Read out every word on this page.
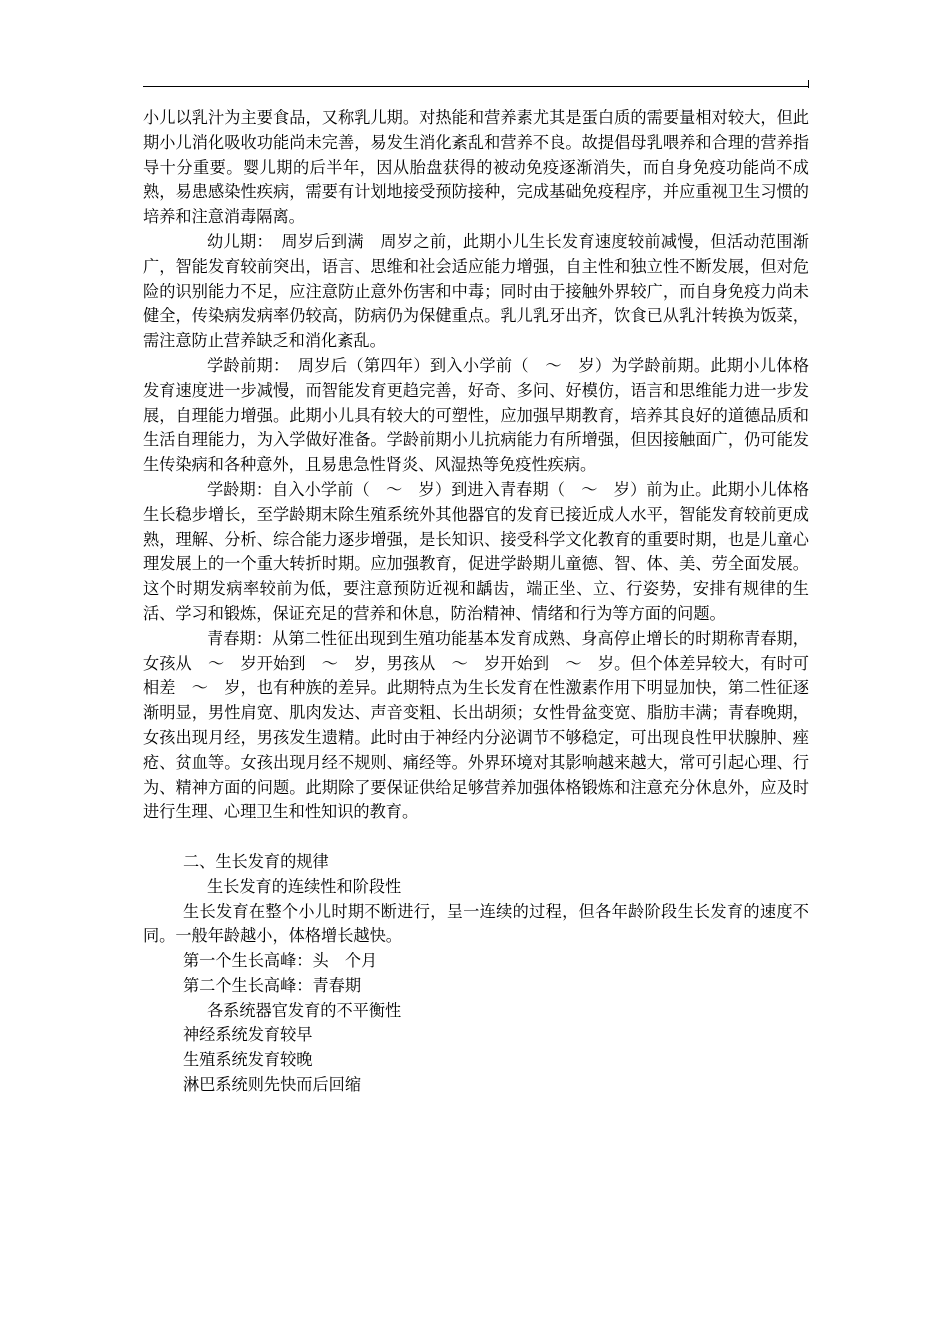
小儿以乳汁为主要食品，又称乳儿期。对热能和营养素尤其是蛋白质的需要量相对较大，但此期小儿消化吸收功能尚未完善，易发生消化紊乱和营养不良。故提倡母乳喂养和合理的营养指导十分重要。婴儿期的后半年，因从胎盘获得的被动免疫逐渐消失，而自身免疫功能尚不成熟，易患感染性疾病，需要有计划地接受预防接种，完成基础免疫程序，并应重视卫生习惯的培养和注意消毒隔离。

幼儿期：　周岁后到满　周岁之前，此期小儿生长发育速度较前减慢，但活动范围渐广，智能发育较前突出，语言、思维和社会适应能力增强，自主性和独立性不断发展，但对危险的识别能力不足，应注意防止意外伤害和中毒；同时由于接触外界较广，而自身免疫力尚未健全，传染病发病率仍较高，防病仍为保健重点。乳儿乳牙出齐，饮食已从乳汁转换为饭菜，需注意防止营养缺乏和消化紊乱。

学龄前期：　周岁后（第四年）到入小学前（　～　岁）为学龄前期。此期小儿体格发育速度进一步减慢，而智能发育更趋完善，好奇、多问、好模仿，语言和思维能力进一步发展，自理能力增强。此期小儿具有较大的可塑性，应加强早期教育，培养其良好的道德品质和生活自理能力，为入学做好准备。学龄前期小儿抗病能力有所增强，但因接触面广，仍可能发生传染病和各种意外，且易患急性肾炎、风湿热等免疫性疾病。

学龄期：自入小学前（　～　岁）到进入青春期（　～　岁）前为止。此期小儿体格生长稳步增长，至学龄期末除生殖系统外其他器官的发育已接近成人水平，智能发育较前更成熟，理解、分析、综合能力逐步增强，是长知识、接受科学文化教育的重要时期，也是儿童心理发展上的一个重大转折时期。应加强教育，促进学龄期儿童德、智、体、美、劳全面发展。这个时期发病率较前为低，要注意预防近视和龋齿，端正坐、立、行姿势，安排有规律的生活、学习和锻炼，保证充足的营养和休息，防治精神、情绪和行为等方面的问题。

青春期：从第二性征出现到生殖功能基本发育成熟、身高停止增长的时期称青春期，女孩从　～　岁开始到　～　岁，男孩从　～　岁开始到　～　岁。但个体差异较大，有时可相差　～　岁，也有种族的差异。此期特点为生长发育在性激素作用下明显加快，第二性征逐渐明显，男性肩宽、肌肉发达、声音变粗、长出胡须；女性骨盆变宽、脂肪丰满；青春晚期，女孩出现月经，男孩发生遗精。此时由于神经内分泌调节不够稳定，可出现良性甲状腺肿、痤疮、贫血等。女孩出现月经不规则、痛经等。外界环境对其影响越来越大，常可引起心理、行为、精神方面的问题。此期除了要保证供给足够营养加强体格锻炼和注意充分休息外，应及时进行生理、心理卫生和性知识的教育。

二、生长发育的规律

生长发育的连续性和阶段性

生长发育在整个小儿时期不断进行，呈一连续的过程，但各年龄阶段生长发育的速度不同。一般年龄越小，体格增长越快。

第一个生长高峰：头　个月

第二个生长高峰：青春期

各系统器官发育的不平衡性

神经系统发育较早

生殖系统发育较晚

淋巴系统则先快而后回缩
